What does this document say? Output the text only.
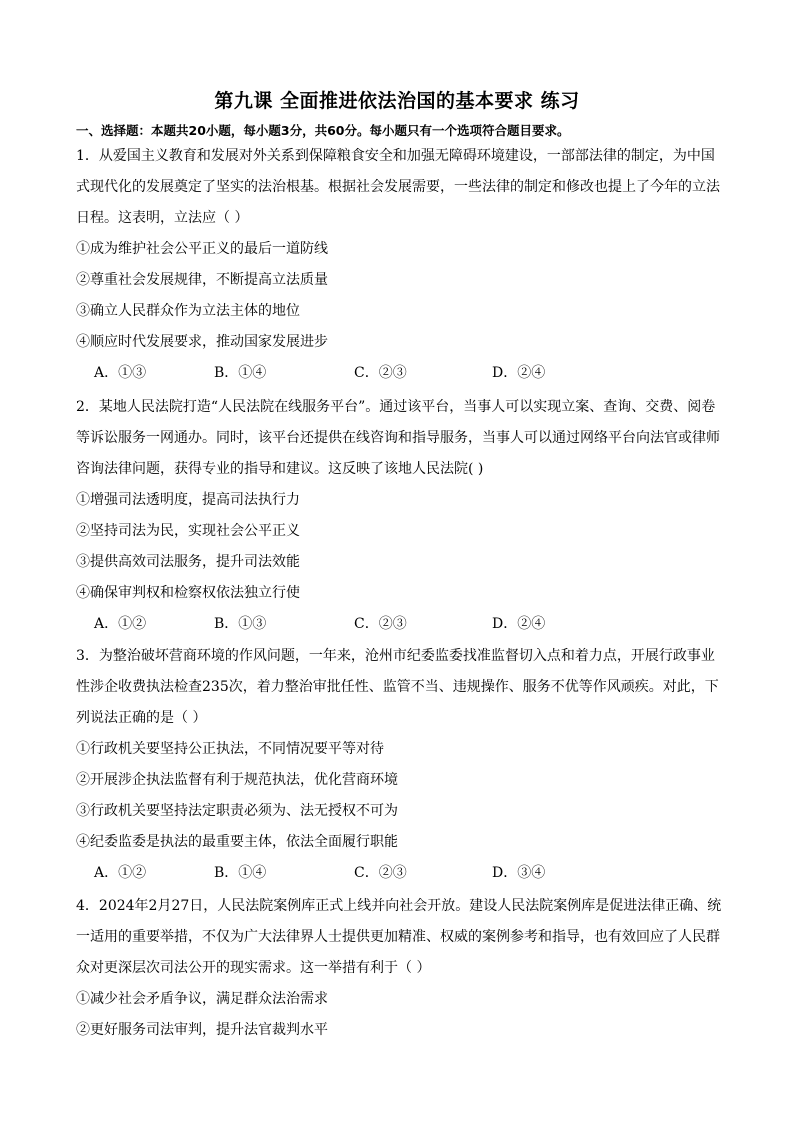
第九课 全面推进依法治国的基本要求 练习
一、选择题：本题共20小题，每小题3分，共60分。每小题只有一个选项符合题目要求。
1．从爱国主义教育和发展对外关系到保障粮食安全和加强无障碍环境建设，一部部法律的制定，为中国式现代化的发展奠定了坚实的法治根基。根据社会发展需要，一些法律的制定和修改也提上了今年的立法日程。这表明，立法应（ ）
①成为维护社会公平正义的最后一道防线
②尊重社会发展规律，不断提高立法质量
③确立人民群众作为立法主体的地位
④顺应时代发展要求，推动国家发展进步
A．①③	B．①④	C．②③	D．②④
2．某地人民法院打造“人民法院在线服务平台”。通过该平台，当事人可以实现立案、查询、交费、阅卷等诉讼服务一网通办。同时，该平台还提供在线咨询和指导服务，当事人可以通过网络平台向法官或律师咨询法律问题，获得专业的指导和建议。这反映了该地人民法院( )
①增强司法透明度，提高司法执行力
②坚持司法为民，实现社会公平正义
③提供高效司法服务，提升司法效能
④确保审判权和检察权依法独立行使
A．①②	B．①③	C．②③	D．②④
3．为整治破坏营商环境的作风问题，一年来，沧州市纪委监委找准监督切入点和着力点，开展行政事业性涉企收费执法检查235次，着力整治审批任性、监管不当、违规操作、服务不优等作风顽疾。对此，下列说法正确的是（ ）
①行政机关要坚持公正执法，不同情况要平等对待
②开展涉企执法监督有利于规范执法，优化营商环境
③行政机关要坚持法定职责必须为、法无授权不可为
④纪委监委是执法的最重要主体，依法全面履行职能
A．①②	B．①④	C．②③	D．③④
4．2024年2月27日，人民法院案例库正式上线并向社会开放。建设人民法院案例库是促进法律正确、统一适用的重要举措，不仅为广大法律界人士提供更加精准、权威的案例参考和指导，也有效回应了人民群众对更深层次司法公开的现实需求。这一举措有利于（ ）
①减少社会矛盾争议，满足群众法治需求
②更好服务司法审判，提升法官裁判水平
